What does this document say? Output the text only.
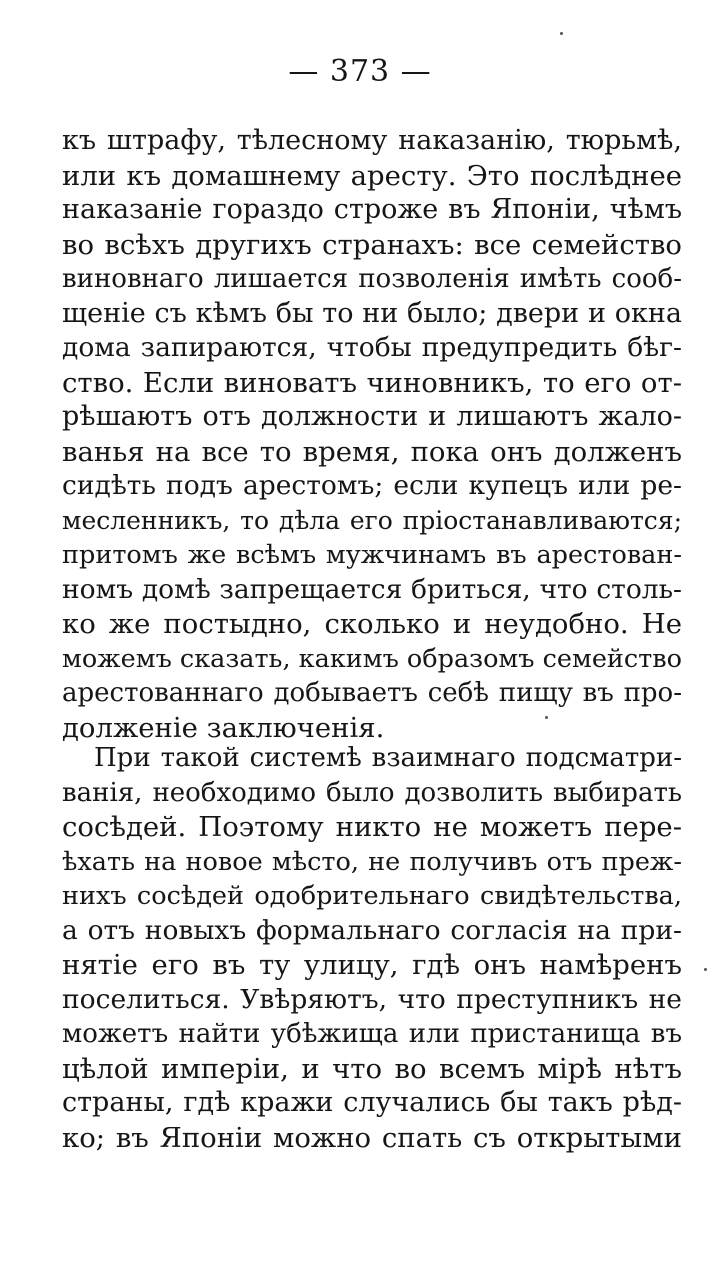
— 373 —
къ штрафу, тѣлесному наказанію, тюрьмѣ,
или къ домашнему аресту. Это послѣднее
наказаніе гораздо строже въ Японіи, чѣмъ
во всѣхъ другихъ странахъ: все семейство
виновнаго лишается позволенія имѣть сооб-
щеніе съ кѣмъ бы то ни было; двери и окна
дома запираются, чтобы предупредить бѣг-
ство. Если виноватъ чиновникъ, то его от-
рѣшаютъ отъ должности и лишаютъ жало-
ванья на все то время, пока онъ долженъ
сидѣть подъ арестомъ; если купецъ или ре-
месленникъ, то дѣла его пріостанавливаются;
притомъ же всѣмъ мужчинамъ въ арестован-
номъ домѣ запрещается бриться, что столь-
ко же постыдно, сколько и неудобно. Не
можемъ сказать, какимъ образомъ семейство
арестованнаго добываетъ себѣ пищу въ про-
долженіе заключенія.
При такой системѣ взаимнаго подсматри-
ванія, необходимо было дозволить выбирать
сосѣдей. Поэтому никто не можетъ пере-
ѣхать на новое мѣсто, не получивъ отъ преж-
нихъ сосѣдей одобрительнаго свидѣтельства,
а отъ новыхъ формальнаго согласія на при-
нятіе его въ ту улицу, гдѣ онъ намѣренъ
поселиться. Увѣряютъ, что преступникъ не
можетъ найти убѣжища или пристанища въ
цѣлой имперіи, и что во всемъ мірѣ нѣтъ
страны, гдѣ кражи случались бы такъ рѣд-
ко; въ Японіи можно спать съ открытыми
